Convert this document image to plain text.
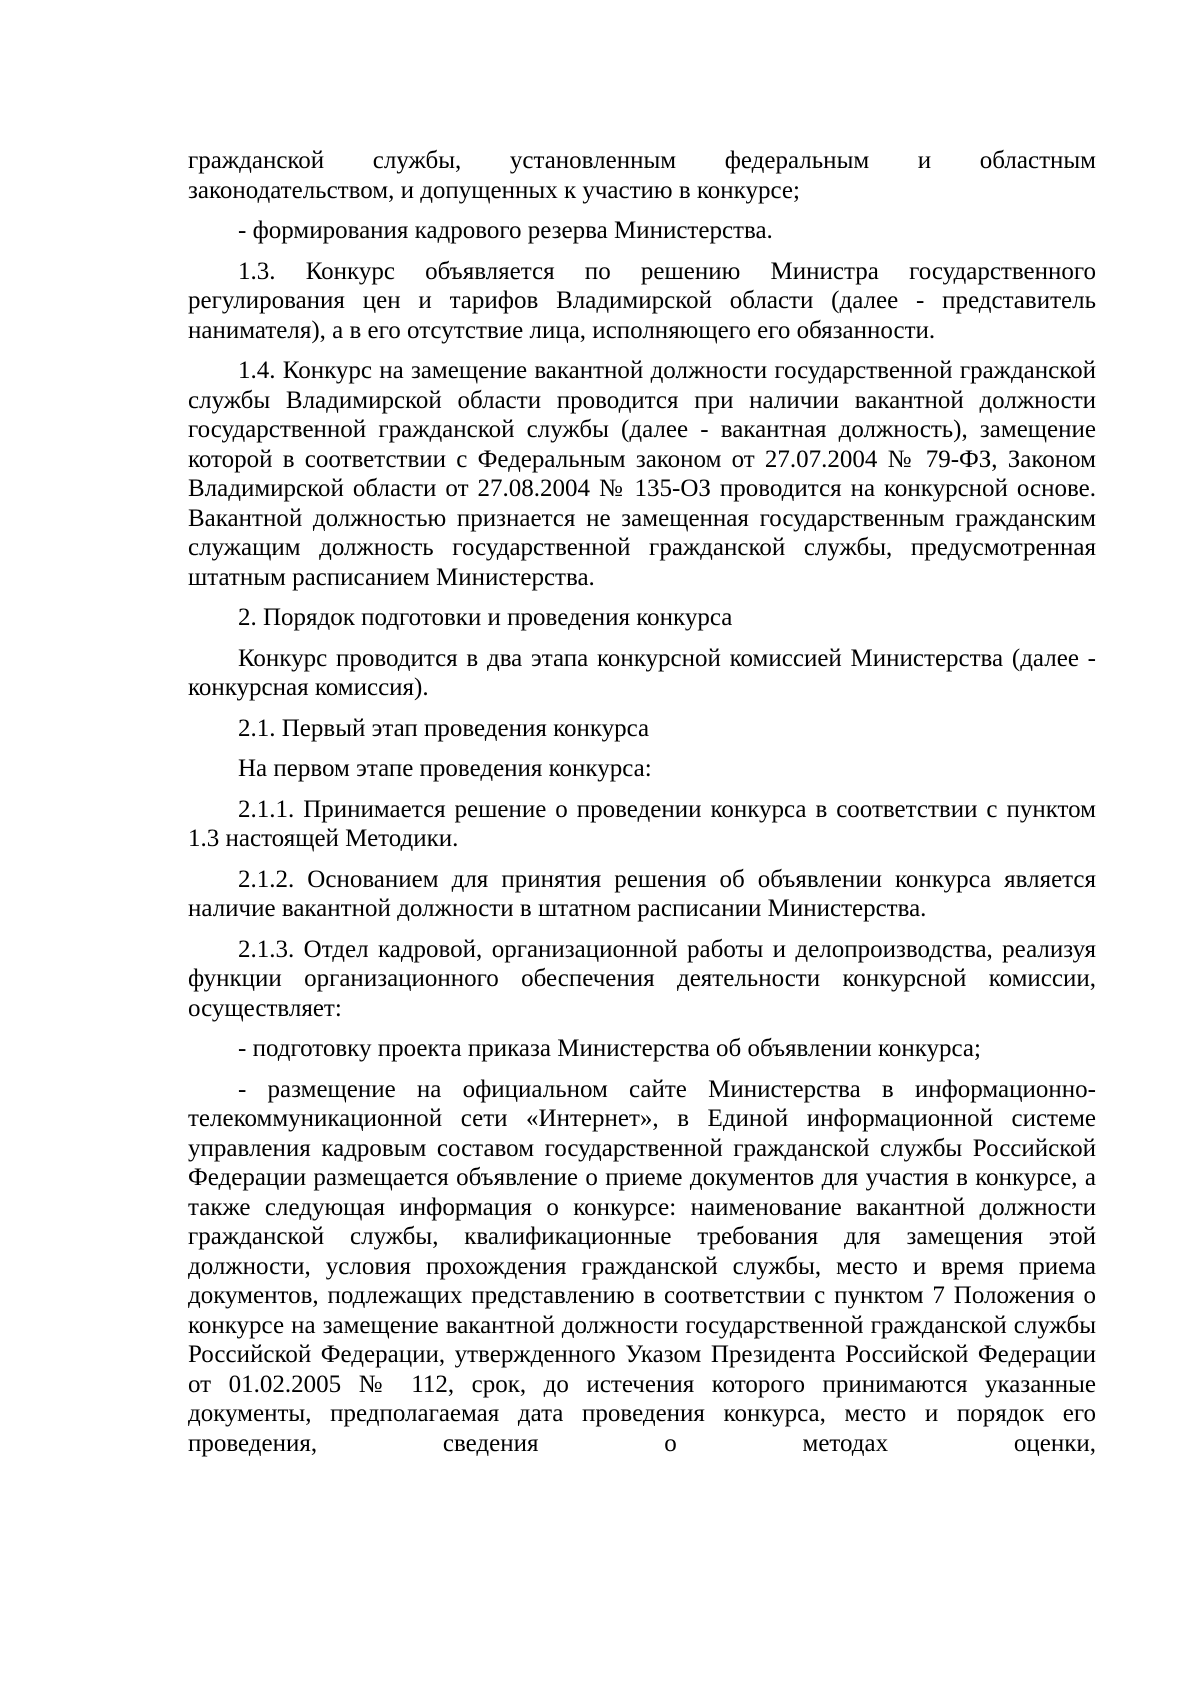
гражданской службы, установленным федеральным и областным законодательством, и допущенных к участию в конкурсе;

- формирования кадрового резерва Министерства.

1.3. Конкурс объявляется по решению Министра государственного регулирования цен и тарифов Владимирской области (далее - представитель нанимателя), а в его отсутствие лица, исполняющего его обязанности.

1.4. Конкурс на замещение вакантной должности государственной гражданской службы Владимирской области проводится при наличии вакантной должности государственной гражданской службы (далее - вакантная должность), замещение которой в соответствии с Федеральным законом от 27.07.2004 № 79-ФЗ, Законом Владимирской области от 27.08.2004 № 135-ОЗ проводится на конкурсной основе. Вакантной должностью признается не замещенная государственным гражданским служащим должность государственной гражданской службы, предусмотренная штатным расписанием Министерства.

2. Порядок подготовки и проведения конкурса

Конкурс проводится в два этапа конкурсной комиссией Министерства (далее - конкурсная комиссия).

2.1. Первый этап проведения конкурса

На первом этапе проведения конкурса:

2.1.1. Принимается решение о проведении конкурса в соответствии с пунктом 1.3 настоящей Методики.

2.1.2. Основанием для принятия решения об объявлении конкурса является наличие вакантной должности в штатном расписании Министерства.

2.1.3. Отдел кадровой, организационной работы и делопроизводства, реализуя функции организационного обеспечения деятельности конкурсной комиссии, осуществляет:

- подготовку проекта приказа Министерства об объявлении конкурса;

- размещение на официальном сайте Министерства в информационно-телекоммуникационной сети «Интернет», в Единой информационной системе управления кадровым составом государственной гражданской службы Российской Федерации размещается объявление о приеме документов для участия в конкурсе, а также следующая информация о конкурсе: наименование вакантной должности гражданской службы, квалификационные требования для замещения этой должности, условия прохождения гражданской службы, место и время приема документов, подлежащих представлению в соответствии с пунктом 7 Положения о конкурсе на замещение вакантной должности государственной гражданской службы Российской Федерации, утвержденного Указом Президента Российской Федерации от 01.02.2005 № 112, срок, до истечения которого принимаются указанные документы, предполагаемая дата проведения конкурса, место и порядок его проведения, сведения о методах оценки,
